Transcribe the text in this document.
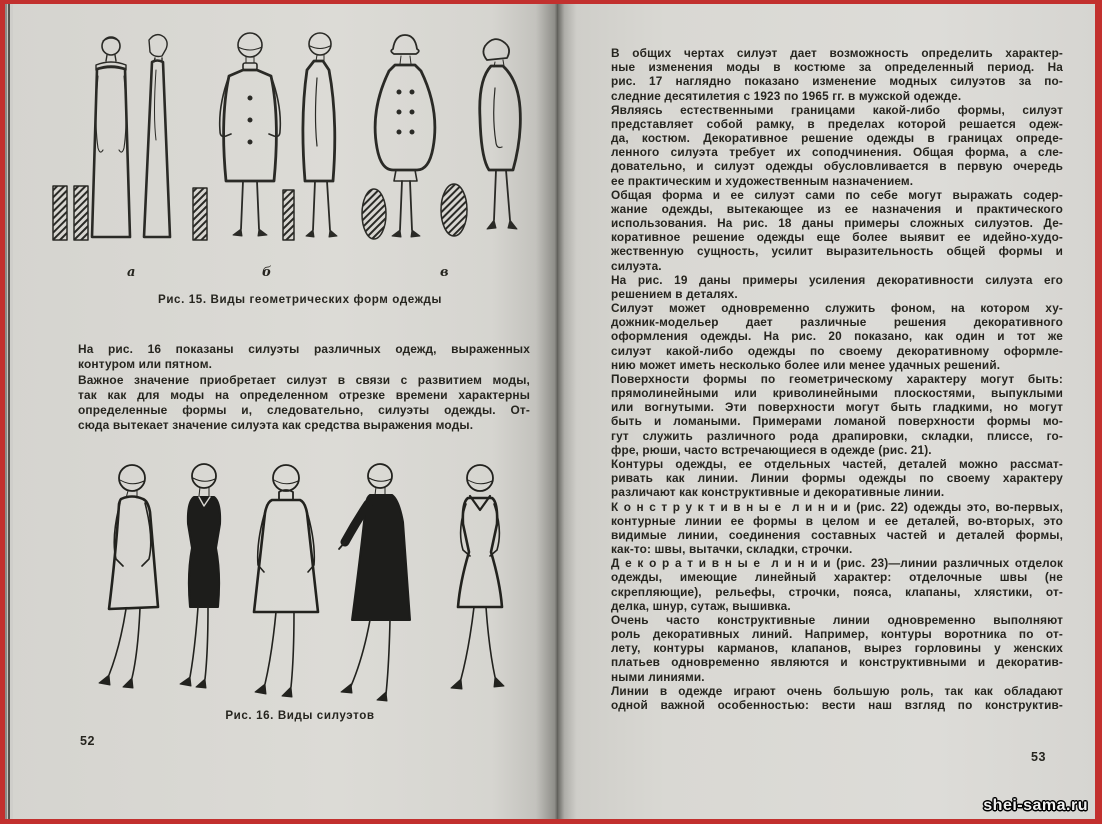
а	б	в
Рис. 15. Виды геометрических форм одежды
На рис. 16 показаны силуэты различных одежд, выраженных
контуром или пятном.
Важное значение приобретает силуэт в связи с развитием моды,
так как для моды на определенном отрезке времени характерны
определенные формы и, следовательно, силуэты одежды. От-
сюда вытекает значение силуэта как средства выражения моды.
Рис. 16. Виды силуэтов
52
В общих чертах силуэт дает возможность определить характер-
ные изменения моды в костюме за определенный период. На
рис. 17 наглядно показано изменение модных силуэтов за по-
следние десятилетия с 1923 по 1965 гг. в мужской одежде.
Являясь естественными границами какой-либо формы, силуэт
представляет собой рамку, в пределах которой решается одеж-
да, костюм. Декоративное решение одежды в границах опреде-
ленного силуэта требует их соподчинения. Общая форма, а сле-
довательно, и силуэт одежды обусловливается в первую очередь
ее практическим и художественным назначением.
Общая форма и ее силуэт сами по себе могут выражать содер-
жание одежды, вытекающее из ее назначения и практического
использования. На рис. 18 даны примеры сложных силуэтов. Де-
коративное решение одежды еще более выявит ее идейно-худо-
жественную сущность, усилит выразительность общей формы и
силуэта.
На рис. 19 даны примеры усиления декоративности силуэта его
решением в деталях.
Силуэт может одновременно служить фоном, на котором ху-
дожник-модельер дает различные решения декоративного
оформления одежды. На рис. 20 показано, как один и тот же
силуэт какой-либо одежды по своему декоративному оформле-
нию может иметь несколько более или менее удачных решений.
Поверхности формы по геометрическому характеру могут быть:
прямолинейными или криволинейными плоскостями, выпуклыми
или вогнутыми. Эти поверхности могут быть гладкими, но могут
быть и ломаными. Примерами ломаной поверхности формы мо-
гут служить различного рода драпировки, складки, плиссе, го-
фре, рюши, часто встречающиеся в одежде (рис. 21).
Контуры одежды, ее отдельных частей, деталей можно рассмат-
ривать как линии. Линии формы одежды по своему характеру
различают как конструктивные и декоративные линии.
К о н с т р у к т и в н ы е  л и н и и (рис. 22) одежды это, во-первых,
контурные линии ее формы в целом и ее деталей, во-вторых, это
видимые линии, соединения составных частей и деталей формы,
как-то: швы, вытачки, складки, строчки.
Д е к о р а т и в н ы е  л и н и и (рис. 23)—линии различных отделок
одежды, имеющие линейный характер: отделочные швы (не
скрепляющие), рельефы, строчки, пояса, клапаны, хлястики, от-
делка, шнур, сутаж, вышивка.
Очень часто конструктивные линии одновременно выполняют
роль декоративных линий. Например, контуры воротника по от-
лету, контуры карманов, клапанов, вырез горловины у женских
платьев одновременно являются и конструктивными и декоратив-
ными линиями.
Линии в одежде играют очень большую роль, так как обладают
одной важной особенностью: вести наш взгляд по конструктив-
53
shei-sama.ru
